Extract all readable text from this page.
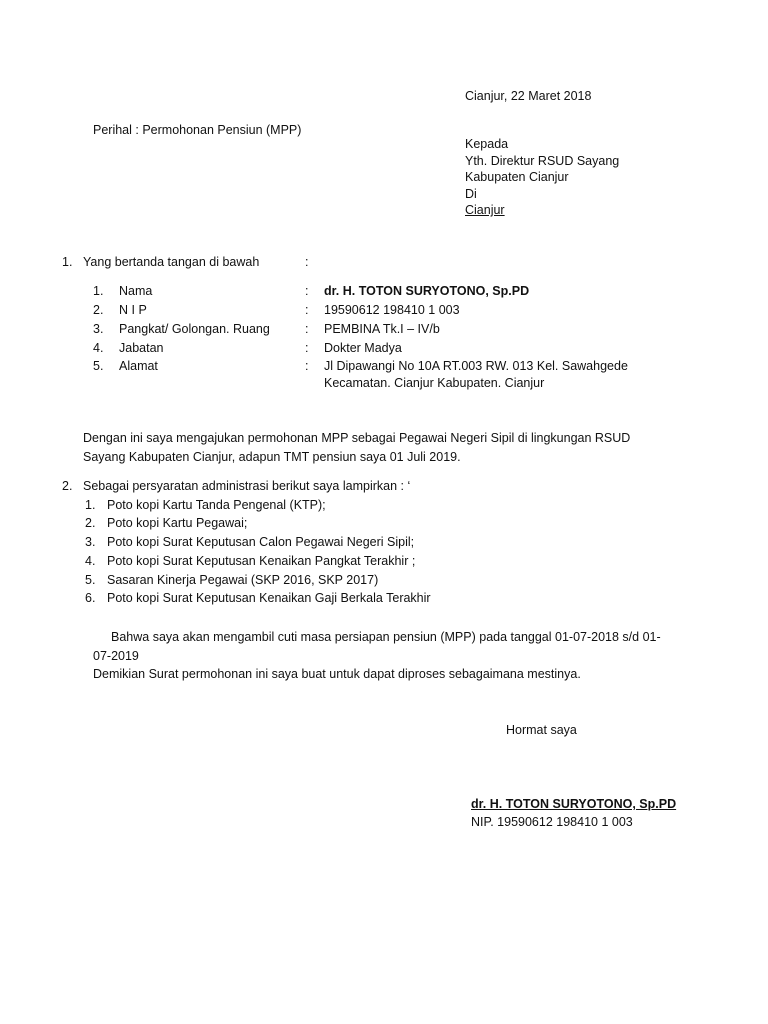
Cianjur, 22 Maret 2018
Perihal : Permohonan Pensiun (MPP)
Kepada
Yth. Direktur RSUD Sayang
Kabupaten Cianjur
Di
Cianjur
1. Yang bertanda tangan di bawah	:
1. Nama	: dr. H. TOTON SURYOTONO, Sp.PD
2. N I P	: 19590612 198410 1 003
3. Pangkat/ Golongan. Ruang	: PEMBINA Tk.I – IV/b
4. Jabatan	: Dokter Madya
5. Alamat	: Jl Dipawangi No 10A RT.003 RW. 013 Kel. Sawahgede
Kecamatan. Cianjur Kabupaten. Cianjur
Dengan ini saya mengajukan permohonan MPP sebagai Pegawai Negeri Sipil di lingkungan RSUD
Sayang Kabupaten Cianjur, adapun TMT pensiun saya 01 Juli 2019.
2. Sebagai persyaratan administrasi berikut saya lampirkan : ‘
1. Poto kopi Kartu Tanda Pengenal (KTP);
2. Poto kopi Kartu Pegawai;
3. Poto kopi Surat Keputusan Calon Pegawai Negeri Sipil;
4. Poto kopi Surat Keputusan Kenaikan Pangkat Terakhir ;
5. Sasaran Kinerja Pegawai (SKP 2016, SKP 2017)
6. Poto kopi Surat Keputusan Kenaikan Gaji Berkala Terakhir
Bahwa saya akan mengambil cuti masa persiapan pensiun (MPP) pada tanggal 01-07-2018 s/d 01-
07-2019
Demikian Surat permohonan ini saya buat untuk dapat diproses sebagaimana mestinya.
Hormat saya
dr. H. TOTON SURYOTONO, Sp.PD
NIP. 19590612 198410 1 003
